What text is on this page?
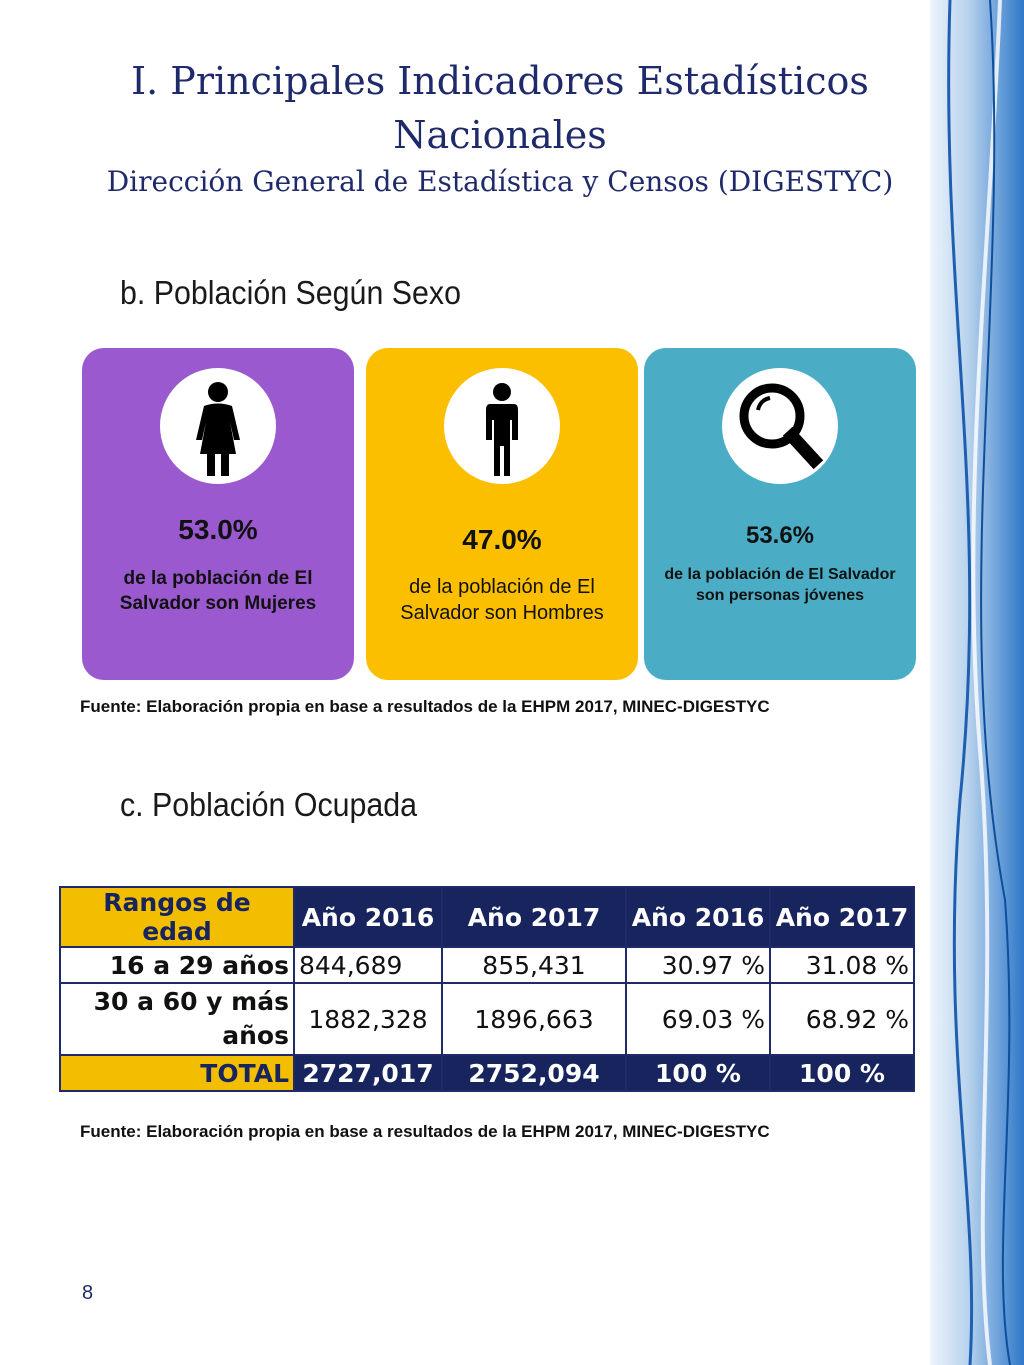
I. Principales Indicadores Estadísticos Nacionales
Dirección General de Estadística y Censos (DIGESTYC)
b. Población Según Sexo
53.0%
de la población de El Salvador son Mujeres
47.0%
de la población de El Salvador son Hombres
53.6%
de la población de El Salvador son personas jóvenes
Fuente: Elaboración propia en base a resultados de la EHPM 2017, MINEC-DIGESTYC
c. Población Ocupada
Rangos de edad	Año 2016	Año 2017	Año 2016	Año 2017
16 a 29 años	844,689	855,431	30.97 %	31.08 %
30 a 60 y más años	1882,328	1896,663	69.03 %	68.92 %
TOTAL	2727,017	2752,094	100 %	100 %
Fuente: Elaboración propia en base a resultados de la EHPM 2017, MINEC-DIGESTYC
8
